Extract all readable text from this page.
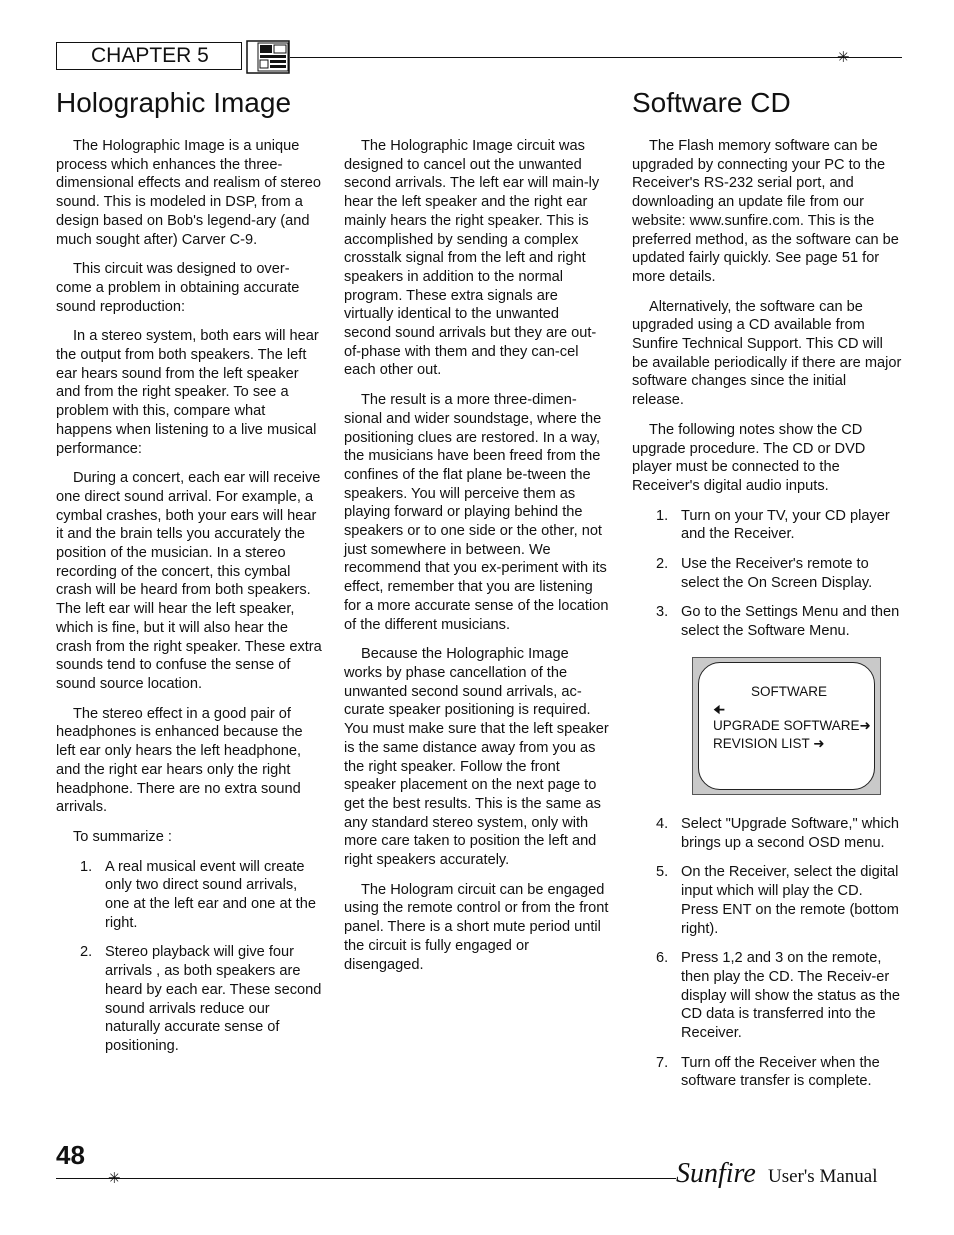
CHAPTER 5	✳
Holographic Image	Software CD

The Holographic Image is a unique process which enhances the three-dimensional effects and realism of stereo sound. This is modeled in DSP, from a design based on Bob's legend-ary (and much sought after) Carver C-9.

This circuit was designed to over-come a problem in obtaining accurate sound reproduction:

In a stereo system, both ears will hear the output from both speakers. The left ear hears sound from the left speaker and from the right speaker. To see a problem with this, compare what happens when listening to a live musical performance:

During a concert, each ear will receive one direct sound arrival. For example, a cymbal crashes, both your ears will hear it and the brain tells you accurately the position of the musician. In a stereo recording of the concert, this cymbal crash will be heard from both speakers. The left ear will hear the left speaker, which is fine, but it will also hear the crash from the right speaker. These extra sounds tend to confuse the sense of sound source location.

The stereo effect in a good pair of headphones is enhanced because the left ear only hears the left headphone, and the right ear hears only the right headphone. There are no extra sound arrivals.

To summarize :

1. A real musical event will create only two direct sound arrivals, one at the left ear and one at the right.
2. Stereo playback will give four arrivals , as both speakers are heard by each ear. These second sound arrivals reduce our naturally accurate sense of positioning.

The Holographic Image circuit was designed to cancel out the unwanted second arrivals. The left ear will main-ly hear the left speaker and the right ear mainly hears the right speaker. This is accomplished by sending a complex crosstalk signal from the left and right speakers in addition to the normal program. These extra signals are virtually identical to the unwanted second sound arrivals but they are out-of-phase with them and they can-cel each other out.

The result is a more three-dimen-sional and wider soundstage, where the positioning clues are restored. In a way, the musicians have been freed from the confines of the flat plane be-tween the speakers. You will perceive them as playing forward or playing behind the speakers or to one side or the other, not just somewhere in between. We recommend that you ex-periment with its effect, remember that you are listening for a more accurate sense of the location of the different musicians.

Because the Holographic Image works by phase cancellation of the unwanted second sound arrivals, ac-curate speaker positioning is required. You must make sure that the left speaker is the same distance away from you as the right speaker. Follow the front speaker placement on the next page to get the best results. This is the same as any standard stereo system, only with more care taken to position the left and right speakers accurately.

The Hologram circuit can be engaged using the remote control or from the front panel. There is a short mute period until the circuit is fully engaged or disengaged.

The Flash memory software can be upgraded by connecting your PC to the Receiver's RS-232 serial port, and downloading an update file from our website: www.sunfire.com. This is the preferred method, as the software can be updated fairly quickly. See page 51 for more details.

Alternatively, the software can be upgraded using a CD available from Sunfire Technical Support. This CD will be available periodically if there are major software changes since the initial release.

The following notes show the CD upgrade procedure. The CD or DVD player must be connected to the Receiver's digital audio inputs.

1. Turn on your TV, your CD player and the Receiver.
2. Use the Receiver's remote to select the On Screen Display.
3. Go to the Settings Menu and then select the Software Menu.
SOFTWARE
🠈
UPGRADE SOFTWARE➜
REVISION LIST ➜
4. Select "Upgrade Software," which brings up a second OSD menu.
5. On the Receiver, select the digital input which will play the CD. Press ENT on the remote (bottom right).
6. Press 1,2 and 3 on the remote, then play the CD. The Receiv-er display will show the status as the CD data is transferred into the Receiver.
7. Turn off the Receiver when the software transfer is complete.
48
✳	Sunfire User's Manual
